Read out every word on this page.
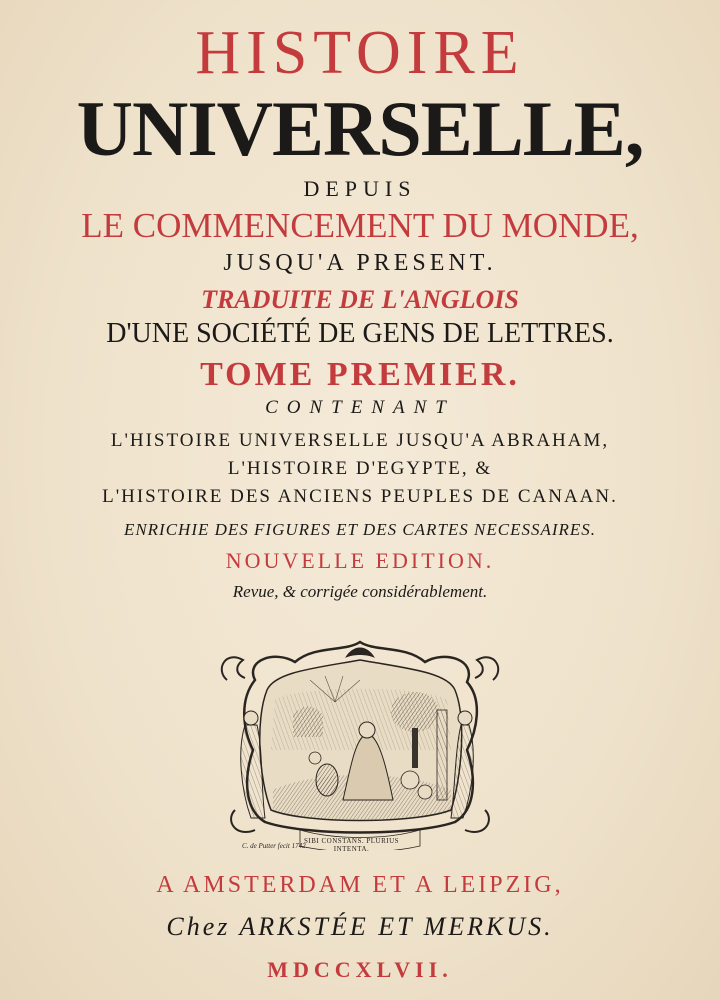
HISTOIRE
UNIVERSELLE,
DEPUIS
LE COMMENCEMENT DU MONDE,
JUSQU'A PRESENT.
TRADUITE DE L'ANGLOIS
D'UNE SOCIÉTÉ DE GENS DE LETTRES.
TOME PREMIER.
CONTENANT
L'HISTOIRE UNIVERSELLE JUSQU'A ABRAHAM,
L'HISTOIRE D'EGYPTE, &
L'HISTOIRE DES ANCIENS PEUPLES DE CANAAN.
ENRICHIE DES FIGURES ET DES CARTES NECESSAIRES.
NOUVELLE EDITION.
Revue, & corrigée considérablement.
SIBI CONSTANS. PLURIUS
INTENTA.
C. de Putter fecit 1742.
A AMSTERDAM ET A LEIPZIG,
Chez ARKSTÉE ET MERKUS.
MDCCXLVII.
